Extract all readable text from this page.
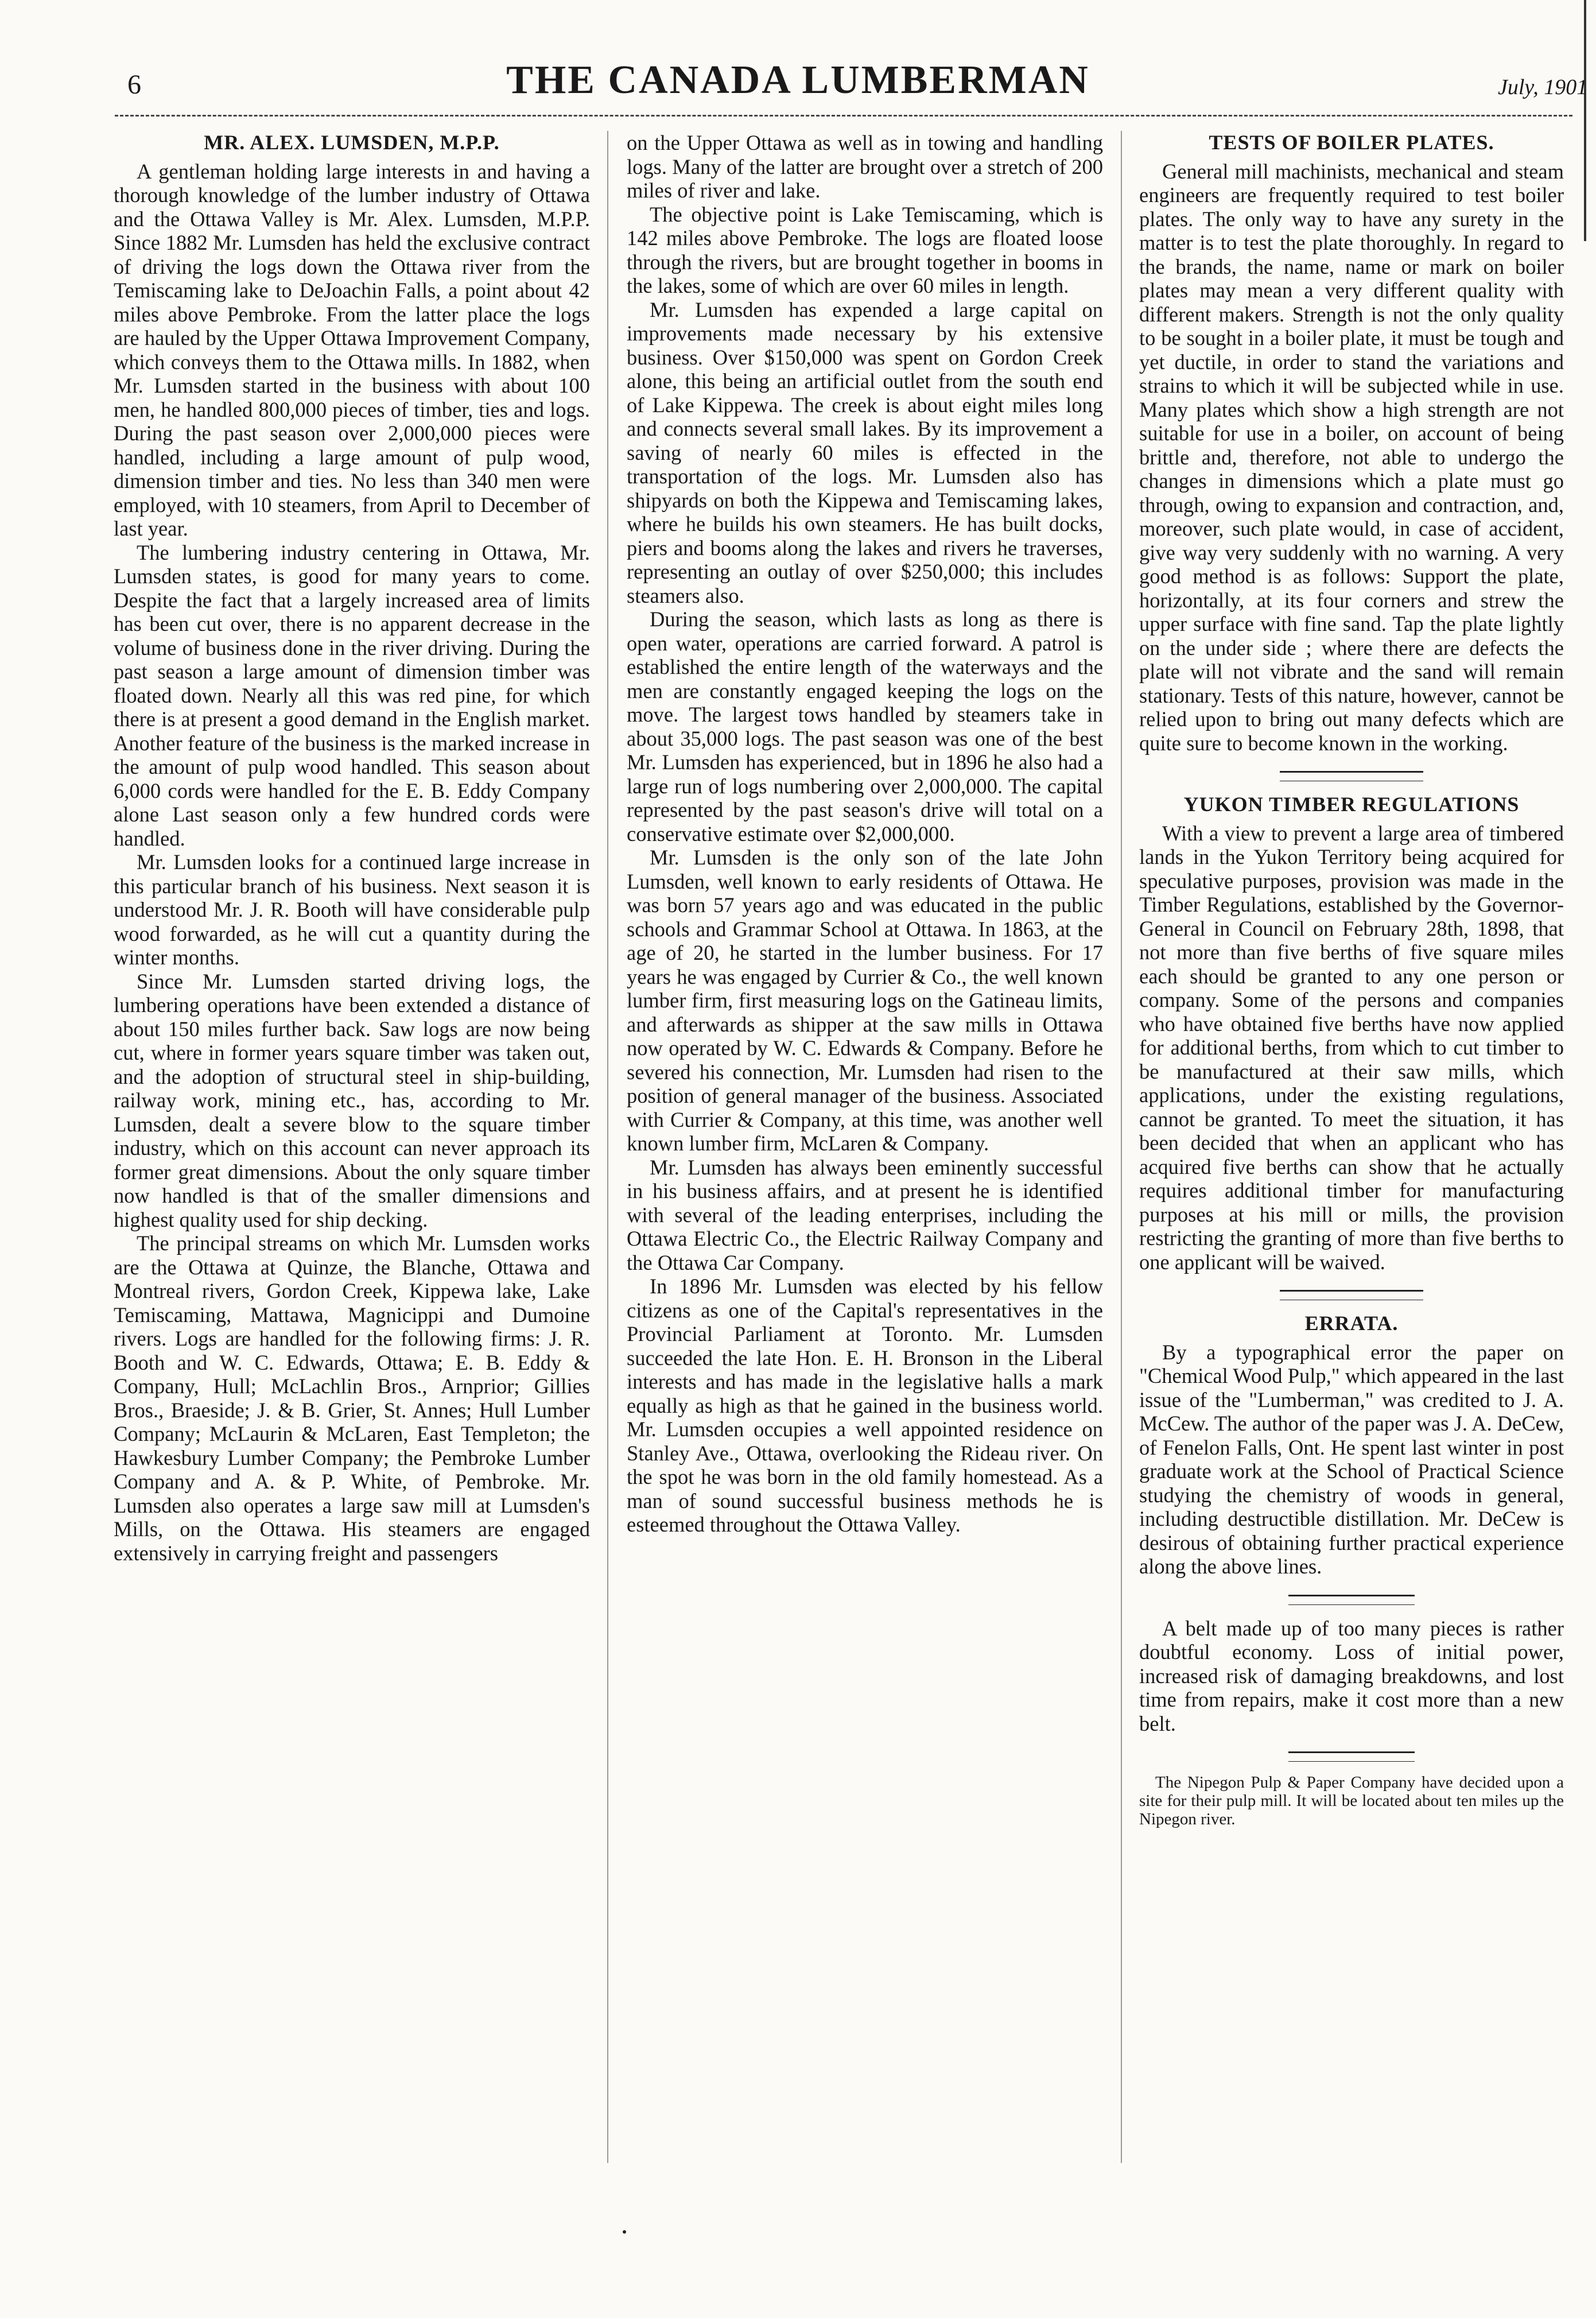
6	THE CANADA LUMBERMAN	July, 1901
MR. ALEX. LUMSDEN, M.P.P.

A gentleman holding large interests in and having a thorough knowledge of the lumber industry of Ottawa and the Ottawa Valley is Mr. Alex. Lumsden, M.P.P. Since 1882 Mr. Lumsden has held the exclusive contract of driving the logs down the Ottawa river from the Temiscaming lake to DeJoachin Falls, a point about 42 miles above Pembroke. From the latter place the logs are hauled by the Upper Ottawa Improvement Company, which conveys them to the Ottawa mills. In 1882, when Mr. Lumsden started in the business with about 100 men, he handled 800,000 pieces of timber, ties and logs. During the past season over 2,000,000 pieces were handled, including a large amount of pulp wood, dimension timber and ties. No less than 340 men were employed, with 10 steamers, from April to December of last year.

The lumbering industry centering in Ottawa, Mr. Lumsden states, is good for many years to come. Despite the fact that a largely increased area of limits has been cut over, there is no apparent decrease in the volume of business done in the river driving. During the past season a large amount of dimension timber was floated down. Nearly all this was red pine, for which there is at present a good demand in the English market. Another feature of the business is the marked increase in the amount of pulp wood handled. This season about 6,000 cords were handled for the E. B. Eddy Company alone Last season only a few hundred cords were handled.

Mr. Lumsden looks for a continued large increase in this particular branch of his business. Next season it is understood Mr. J. R. Booth will have considerable pulp wood forwarded, as he will cut a quantity during the winter months.

Since Mr. Lumsden started driving logs, the lumbering operations have been extended a distance of about 150 miles further back. Saw logs are now being cut, where in former years square timber was taken out, and the adoption of structural steel in ship-building, railway work, mining etc., has, according to Mr. Lumsden, dealt a severe blow to the square timber industry, which on this account can never approach its former great dimensions. About the only square timber now handled is that of the smaller dimensions and highest quality used for ship decking.

The principal streams on which Mr. Lumsden works are the Ottawa at Quinze, the Blanche, Ottawa and Montreal rivers, Gordon Creek, Kippewa lake, Lake Temiscaming, Mattawa, Magnicippi and Dumoine rivers. Logs are handled for the following firms: J. R. Booth and W. C. Edwards, Ottawa; E. B. Eddy & Company, Hull; McLachlin Bros., Arnprior; Gillies Bros., Braeside; J. & B. Grier, St. Annes; Hull Lumber Company; McLaurin & McLaren, East Templeton; the Hawkesbury Lumber Company; the Pembroke Lumber Company and A. & P. White, of Pembroke. Mr. Lumsden also operates a large saw mill at Lumsden's Mills, on the Ottawa. His steamers are engaged extensively in carrying freight and passengers

on the Upper Ottawa as well as in towing and handling logs. Many of the latter are brought over a stretch of 200 miles of river and lake.

The objective point is Lake Temiscaming, which is 142 miles above Pembroke. The logs are floated loose through the rivers, but are brought together in booms in the lakes, some of which are over 60 miles in length.

Mr. Lumsden has expended a large capital on improvements made necessary by his extensive business. Over $150,000 was spent on Gordon Creek alone, this being an artificial outlet from the south end of Lake Kippewa. The creek is about eight miles long and connects several small lakes. By its improvement a saving of nearly 60 miles is effected in the transportation of the logs. Mr. Lumsden also has shipyards on both the Kippewa and Temiscaming lakes, where he builds his own steamers. He has built docks, piers and booms along the lakes and rivers he traverses, representing an outlay of over $250,000; this includes steamers also.

During the season, which lasts as long as there is open water, operations are carried forward. A patrol is established the entire length of the waterways and the men are constantly engaged keeping the logs on the move. The largest tows handled by steamers take in about 35,000 logs. The past season was one of the best Mr. Lumsden has experienced, but in 1896 he also had a large run of logs numbering over 2,000,000. The capital represented by the past season's drive will total on a conservative estimate over $2,000,000.

Mr. Lumsden is the only son of the late John Lumsden, well known to early residents of Ottawa. He was born 57 years ago and was educated in the public schools and Grammar School at Ottawa. In 1863, at the age of 20, he started in the lumber business. For 17 years he was engaged by Currier & Co., the well known lumber firm, first measuring logs on the Gatineau limits, and afterwards as shipper at the saw mills in Ottawa now operated by W. C. Edwards & Company. Before he severed his connection, Mr. Lumsden had risen to the position of general manager of the business. Associated with Currier & Company, at this time, was another well known lumber firm, McLaren & Company.

Mr. Lumsden has always been eminently successful in his business affairs, and at present he is identified with several of the leading enterprises, including the Ottawa Electric Co., the Electric Railway Company and the Ottawa Car Company.

In 1896 Mr. Lumsden was elected by his fellow citizens as one of the Capital's representatives in the Provincial Parliament at Toronto. Mr. Lumsden succeeded the late Hon. E. H. Bronson in the Liberal interests and has made in the legislative halls a mark equally as high as that he gained in the business world. Mr. Lumsden occupies a well appointed residence on Stanley Ave., Ottawa, overlooking the Rideau river. On the spot he was born in the old family homestead. As a man of sound successful business methods he is esteemed throughout the Ottawa Valley.

TESTS OF BOILER PLATES.

General mill machinists, mechanical and steam engineers are frequently required to test boiler plates. The only way to have any surety in the matter is to test the plate thoroughly. In regard to the brands, the name, name or mark on boiler plates may mean a very different quality with different makers. Strength is not the only quality to be sought in a boiler plate, it must be tough and yet ductile, in order to stand the variations and strains to which it will be subjected while in use. Many plates which show a high strength are not suitable for use in a boiler, on account of being brittle and, therefore, not able to undergo the changes in dimensions which a plate must go through, owing to expansion and contraction, and, moreover, such plate would, in case of accident, give way very suddenly with no warning. A very good method is as follows: Support the plate, horizontally, at its four corners and strew the upper surface with fine sand. Tap the plate lightly on the under side ; where there are defects the plate will not vibrate and the sand will remain stationary. Tests of this nature, however, cannot be relied upon to bring out many defects which are quite sure to become known in the working.

YUKON TIMBER REGULATIONS

With a view to prevent a large area of timbered lands in the Yukon Territory being acquired for speculative purposes, provision was made in the Timber Regulations, established by the Governor-General in Council on February 28th, 1898, that not more than five berths of five square miles each should be granted to any one person or company. Some of the persons and companies who have obtained five berths have now applied for additional berths, from which to cut timber to be manufactured at their saw mills, which applications, under the existing regulations, cannot be granted. To meet the situation, it has been decided that when an applicant who has acquired five berths can show that he actually requires additional timber for manufacturing purposes at his mill or mills, the provision restricting the granting of more than five berths to one applicant will be waived.

ERRATA.

By a typographical error the paper on "Chemical Wood Pulp," which appeared in the last issue of the "Lumberman," was credited to J. A. McCew. The author of the paper was J. A. DeCew, of Fenelon Falls, Ont. He spent last winter in post graduate work at the School of Practical Science studying the chemistry of woods in general, including destructible distillation. Mr. DeCew is desirous of obtaining further practical experience along the above lines.

A belt made up of too many pieces is rather doubtful economy. Loss of initial power, increased risk of damaging breakdowns, and lost time from repairs, make it cost more than a new belt.

The Nipegon Pulp & Paper Company have decided upon a site for their pulp mill. It will be located about ten miles up the Nipegon river.
